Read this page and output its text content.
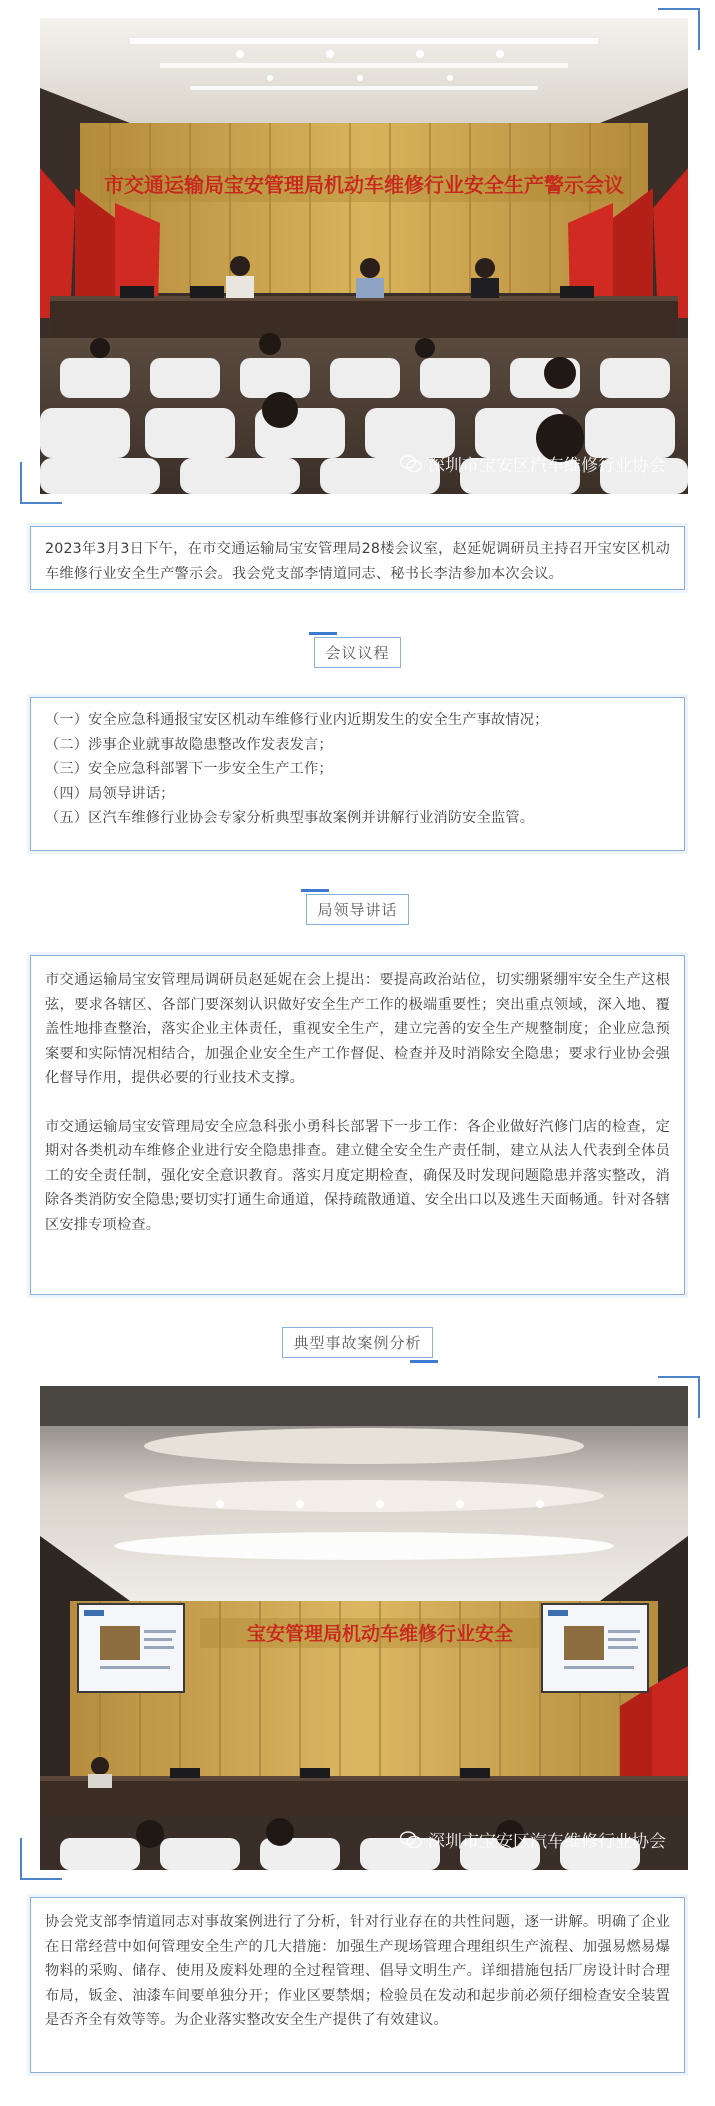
市交通运输局宝安管理局机动车维修行业安全生产警示会议
深圳市宝安区汽车维修行业协会

2023年3月3日下午，在市交通运输局宝安管理局28楼会议室，赵延妮调研员主持召开宝安区机动车维修行业安全生产警示会。我会党支部李情道同志、秘书长李洁参加本次会议。

会议议程
（一）安全应急科通报宝安区机动车维修行业内近期发生的安全生产事故情况；
（二）涉事企业就事故隐患整改作发表发言；
（三）安全应急科部署下一步安全生产工作；
（四）局领导讲话；
（五）区汽车维修行业协会专家分析典型事故案例并讲解行业消防安全监管。
局领导讲话

市交通运输局宝安管理局调研员赵延妮在会上提出：要提高政治站位，切实绷紧绷牢安全生产这根弦，要求各辖区、各部门要深刻认识做好安全生产工作的极端重要性；突出重点领域，深入地、覆盖性地排查整治，落实企业主体责任，重视安全生产，建立完善的安全生产规整制度；企业应急预案要和实际情况相结合，加强企业安全生产工作督促、检查并及时消除安全隐患；要求行业协会强化督导作用，提供必要的行业技术支撑。

市交通运输局宝安管理局安全应急科张小勇科长部署下一步工作：各企业做好汽修门店的检查，定期对各类机动车维修企业进行安全隐患排查。建立健全安全生产责任制，建立从法人代表到全体员工的安全责任制，强化安全意识教育。落实月度定期检查，确保及时发现问题隐患并落实整改，消除各类消防安全隐患;要切实打通生命通道，保持疏散通道、安全出口以及逃生天面畅通。针对各辖区安排专项检查。

典型事故案例分析
宝安管理局机动车维修行业安全
深圳市宝安区汽车维修行业协会

协会党支部李情道同志对事故案例进行了分析，针对行业存在的共性问题，逐一讲解。明确了企业在日常经营中如何管理安全生产的几大措施：加强生产现场管理合理组织生产流程、加强易燃易爆物料的采购、储存、使用及废料处理的全过程管理、倡导文明生产。详细措施包括厂房设计时合理布局，钣金、油漆车间要单独分开；作业区要禁烟；检验员在发动和起步前必须仔细检查安全装置是否齐全有效等等。为企业落实整改安全生产提供了有效建议。
